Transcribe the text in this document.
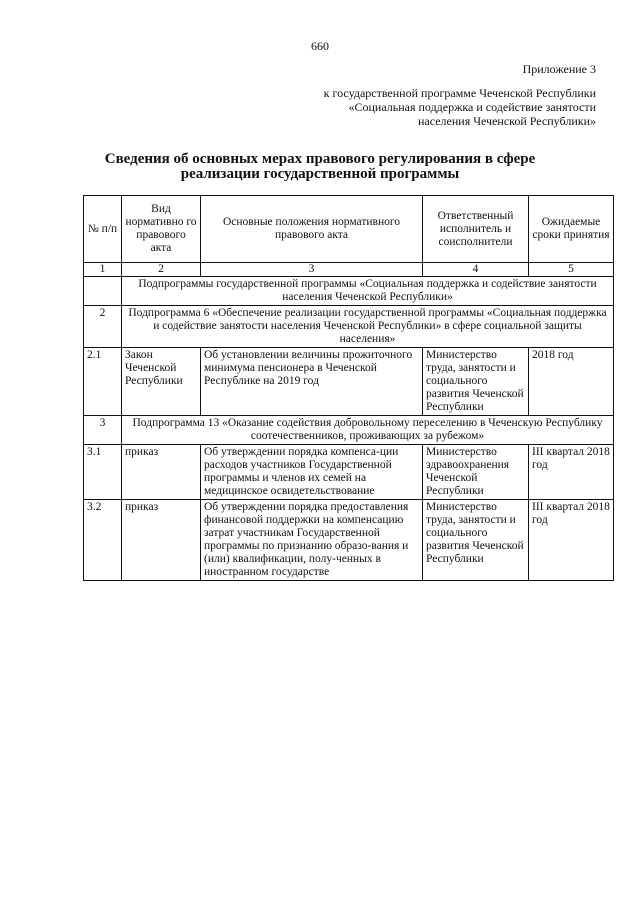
660
Приложение 3
к государственной программе Чеченской Республики
«Социальная поддержка и содействие занятости
населения Чеченской Республики»
Сведения об основных мерах правового регулирования в сфере
реализации государственной программы
№ п/п	Вид нормативно го правового акта	Основные положения нормативного правового акта	Ответственный исполнитель и соисполнители	Ожидаемые сроки принятия
1	2	3	4	5
	Подпрограммы государственной программы «Социальная поддержка и содействие занятости населения Чеченской Республики»			
2	Подпрограмма 6 «Обеспечение реализации государственной программы «Социальная поддержка и содействие занятости населения Чеченской Республики» в сфере социальной защиты населения»			
2.1	Закон Чеченской Республики	Об установлении величины прожиточного минимума пенсионера в Чеченской Республике на 2019 год	Министерство труда, занятости и социального развития Чеченской Республики	2018 год
3	Подпрограмма 13 «Оказание содействия добровольному переселению в Чеченскую Республику соотечественников, проживающих за рубежом»			
3.1	приказ	Об утверждении порядка компенса-ции расходов участников Государственной программы и членов их семей на медицинское освидетельствование	Министерство здравоохранения Чеченской Республики	III квартал 2018 год
3.2	приказ	Об утверждении порядка предоставления финансовой поддержки на компенсацию затрат участникам Государственной программы по признанию образо-вания и (или) квалификации, полу-ченных в иностранном государстве	Министерство труда, занятости и социального развития Чеченской Республики	III квартал 2018 год
